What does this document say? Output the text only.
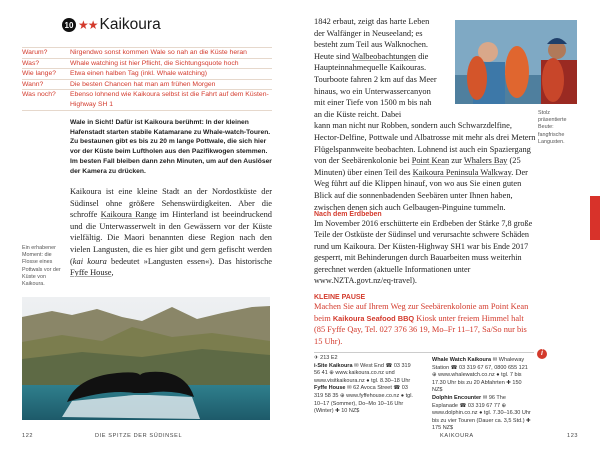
10 ★★ Kaikoura
Warum?	Nirgendwo sonst kommen Wale so nah an die Küste heran
Was?	Whale watching ist hier Pflicht, die Sichtungsquote hoch
Wie lange?	Etwa einen halben Tag (inkl. Whale watching)
Wann?	Die besten Chancen hat man am frühen Morgen
Was noch?	Ebenso lohnend wie Kaikoura selbst ist die Fahrt auf dem Küsten-Highway SH 1

Wale in Sicht! Dafür ist Kaikoura berühmt: In der kleinen Hafenstadt starten stabile Katamarane zu Whale-watch-Touren. Zu bestaunen gibt es bis zu 20 m lange Pottwale, die sich hier vor der Küste beim Luftholen aus den Pazifikwogen stemmen. Im besten Fall bleiben dann zehn Minuten, um auf den Auslöser der Kamera zu drücken.

Kaikoura ist eine kleine Stadt an der Nordostküste der Südinsel ohne größere Sehenswürdigkeiten. Aber die schroffe Kaikoura Range im Hinterland ist beeindruckend und die Unterwasserwelt in den Gewässern vor der Küste vielfältig. Die Maori benannten diese Region nach den vielen Langusten, die es hier gibt und gern gefischt werden (kai koura bedeutet »Langusten essen«). Das historische Fyffe House,

Ein erhabener Moment: die Flosse eines Pottwals vor der Küste von Kaikoura.

122	DIE SPITZE DER SÜDINSEL

1842 erbaut, zeigt das harte Leben der Walfänger in Neuseeland; es besteht zum Teil aus Walknochen. Heute sind Walbeobachtungen die Haupteinnahmequelle Kaikouras. Tourboote fahren 2 km auf das Meer hinaus, wo ein Unterwassercanyon mit einer Tiefe von 1500 m bis nah an die Küste reicht. Dabei
kann man nicht nur Robben, sondern auch Schwarzdelfine, Hector-Delfine, Pottwale und Albatrosse mit mehr als drei Metern Flügelspannweite beobachten. Lohnend ist auch ein Spaziergang von der Seebärenkolonie bei Point Kean zur Whalers Bay (25 Minuten) über einen Teil des Kaikoura Peninsula Walkway. Der Weg führt auf die Klippen hinauf, von wo aus Sie einen guten Blick auf die sonnenbadenden Seebären unter Ihnen haben, zwischen denen sich auch Gelbaugen-Pinguine tummeln.

Stolz präsentierte Beute: fangfrische Langusten.

Nach dem Erdbeben

Im November 2016 erschütterte ein Erdbeben der Stärke 7,8 große Teile der Ostküste der Südinsel und verursachte schwere Schäden rund um Kaikoura. Der Küsten-Highway SH1 war bis Ende 2017 gesperrt, mit Behinderungen durch Bauarbeiten muss weiterhin gerechnet werden (aktuelle Informationen unter www.NZTA.govt.nz/eq-travel).

KLEINE PAUSE

Machen Sie auf Ihrem Weg zur Seebärenkolonie am Point Kean beim Kaikoura Seafood BBQ Kiosk unter freiem Himmel halt (85 Fyffe Qay, Tel. 027 376 36 19, Mo–Fr 11–17, Sa/So nur bis 15 Uhr).

i

✈ 213 E2

i-Site Kaikoura ✉ West End ☎ 03 319 56 41 ⊕ www.kaikoura.co.nz und www.visitkaikoura.nz ● tgl. 8.30–18 Uhr

Fyffe House ✉ 62 Avoca Street ☎ 03 319 58 35 ⊕ www.fyffehouse.co.nz ● tgl. 10–17 (Sommer), Do–Mo 10–16 Uhr (Winter) ✚ 10 NZ$

Whale Watch Kaikoura ✉ Whaleway Station ☎ 03 319 67 67, 0800 655 121 ⊕ www.whalewatch.co.nz ● tgl. 7 bis 17.30 Uhr bis zu 20 Abfahrten ✚ 150 NZ$

Dolphin Encounter ✉ 96 The Esplanade ☎ 03 319 67 77 ⊕ www.dolphin.co.nz ● tgl. 7.30–16.30 Uhr bis zu vier Touren (Dauer ca. 3,5 Std.) ✚ 175 NZ$

KAIKOURA	123
